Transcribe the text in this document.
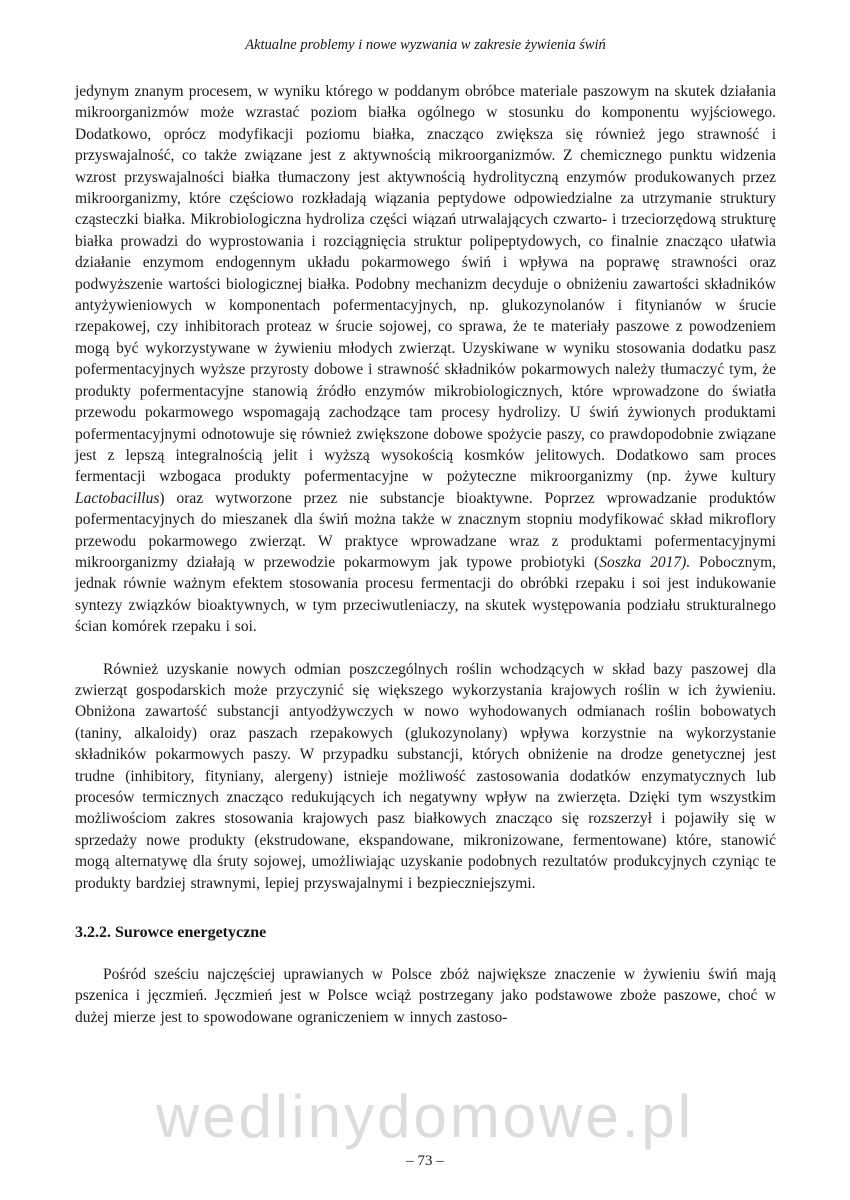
Aktualne problemy i nowe wyzwania w zakresie żywienia świń

jedynym znanym procesem, w wyniku którego w poddanym obróbce materiale paszowym na skutek działania mikroorganizmów może wzrastać poziom białka ogólnego w stosunku do komponentu wyjściowego. Dodatkowo, oprócz modyfikacji poziomu białka, znacząco zwiększa się również jego strawność i przyswajalność, co także związane jest z aktywnością mikroorganizmów. Z chemicznego punktu widzenia wzrost przyswajalności białka tłumaczony jest aktywnością hydrolityczną enzymów produkowanych przez mikroorganizmy, które częściowo rozkładają wiązania peptydowe odpowiedzialne za utrzymanie struktury cząsteczki białka. Mikrobiologiczna hydroliza części wiązań utrwalających czwarto- i trzeciorzędową strukturę białka prowadzi do wyprostowania i rozciągnięcia struktur polipeptydowych, co finalnie znacząco ułatwia działanie enzymom endogennym układu pokarmowego świń i wpływa na poprawę strawności oraz podwyższenie wartości biologicznej białka. Podobny mechanizm decyduje o obniżeniu zawartości składników antyżywieniowych w komponentach pofermentacyjnych, np. glukozynolanów i fitynianów w śrucie rzepakowej, czy inhibitorach proteaz w śrucie sojowej, co sprawa, że te materiały paszowe z powodzeniem mogą być wykorzystywane w żywieniu młodych zwierząt. Uzyskiwane w wyniku stosowania dodatku pasz pofermentacyjnych wyższe przyrosty dobowe i strawność składników pokarmowych należy tłumaczyć tym, że produkty pofermentacyjne stanowią źródło enzymów mikrobiologicznych, które wprowadzone do światła przewodu pokarmowego wspomagają zachodzące tam procesy hydrolizy. U świń żywionych produktami pofermentacyjnymi odnotowuje się również zwiększone dobowe spożycie paszy, co prawdopodobnie związane jest z lepszą integralnością jelit i wyższą wysokością kosmków jelitowych. Dodatkowo sam proces fermentacji wzbogaca produkty pofermentacyjne w pożyteczne mikroorganizmy (np. żywe kultury Lactobacillus) oraz wytworzone przez nie substancje bioaktywne. Poprzez wprowadzanie produktów pofermentacyjnych do mieszanek dla świń można także w znacznym stopniu modyfikować skład mikroflory przewodu pokarmowego zwierząt. W praktyce wprowadzane wraz z produktami pofermentacyjnymi mikroorganizmy działają w przewodzie pokarmowym jak typowe probiotyki (Soszka 2017). Pobocznym, jednak równie ważnym efektem stosowania procesu fermentacji do obróbki rzepaku i soi jest indukowanie syntezy związków bioaktywnych, w tym przeciwutleniaczy, na skutek występowania podziału strukturalnego ścian komórek rzepaku i soi.

Również uzyskanie nowych odmian poszczególnych roślin wchodzących w skład bazy paszowej dla zwierząt gospodarskich może przyczynić się większego wykorzystania krajowych roślin w ich żywieniu. Obniżona zawartość substancji antyodżywczych w nowo wyhodowanych odmianach roślin bobowatych (taniny, alkaloidy) oraz paszach rzepakowych (glukozynolany) wpływa korzystnie na wykorzystanie składników pokarmowych paszy. W przypadku substancji, których obniżenie na drodze genetycznej jest trudne (inhibitory, fityniany, alergeny) istnieje możliwość zastosowania dodatków enzymatycznych lub procesów termicznych znacząco redukujących ich negatywny wpływ na zwierzęta. Dzięki tym wszystkim możliwościom zakres stosowania krajowych pasz białkowych znacząco się rozszerzył i pojawiły się w sprzedaży nowe produkty (ekstrudowane, ekspandowane, mikronizowane, fermentowane) które, stanowić mogą alternatywę dla śruty sojowej, umożliwiając uzyskanie podobnych rezultatów produkcyjnych czyniąc te produkty bardziej strawnymi, lepiej przyswajalnymi i bezpieczniejszymi.

3.2.2. Surowce energetyczne

Pośród sześciu najczęściej uprawianych w Polsce zbóż największe znaczenie w żywieniu świń mają pszenica i jęczmień. Jęczmień jest w Polsce wciąż postrzegany jako podstawowe zboże paszowe, choć w dużej mierze jest to spowodowane ograniczeniem w innych zastoso-

wedlinydomowe.pl
– 73 –
